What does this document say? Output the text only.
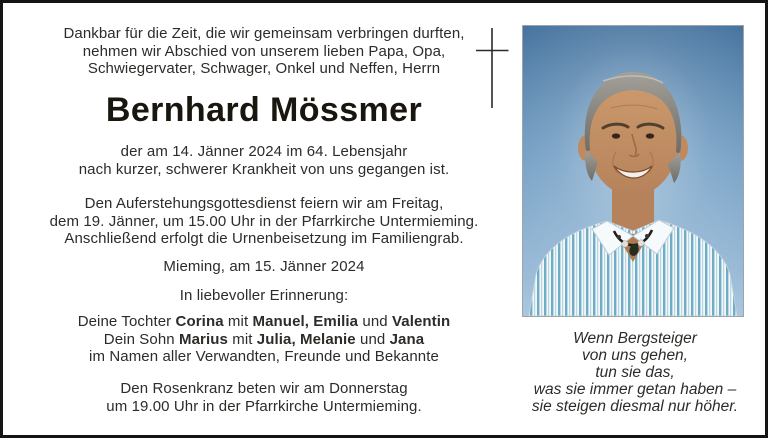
Dankbar für die Zeit, die wir gemeinsam verbringen durften,
nehmen wir Abschied von unserem lieben Papa, Opa,
Schwiegervater, Schwager, Onkel und Neffen, Herrn
Bernhard Mössmer
der am 14. Jänner 2024 im 64. Lebensjahr
nach kurzer, schwerer Krankheit von uns gegangen ist.
Den Auferstehungsgottesdienst feiern wir am Freitag,
dem 19. Jänner, um 15.00 Uhr in der Pfarrkirche Untermieming.
Anschließend erfolgt die Urnenbeisetzung im Familiengrab.
Mieming, am 15. Jänner 2024
In liebevoller Erinnerung:
Deine Tochter Corina mit Manuel, Emilia und Valentin
Dein Sohn Marius mit Julia, Melanie und Jana
im Namen aller Verwandten, Freunde und Bekannte
Den Rosenkranz beten wir am Donnerstag
um 19.00 Uhr in der Pfarrkirche Untermieming.
Wenn Bergsteiger
von uns gehen,
tun sie das,
was sie immer getan haben –
sie steigen diesmal nur höher.
